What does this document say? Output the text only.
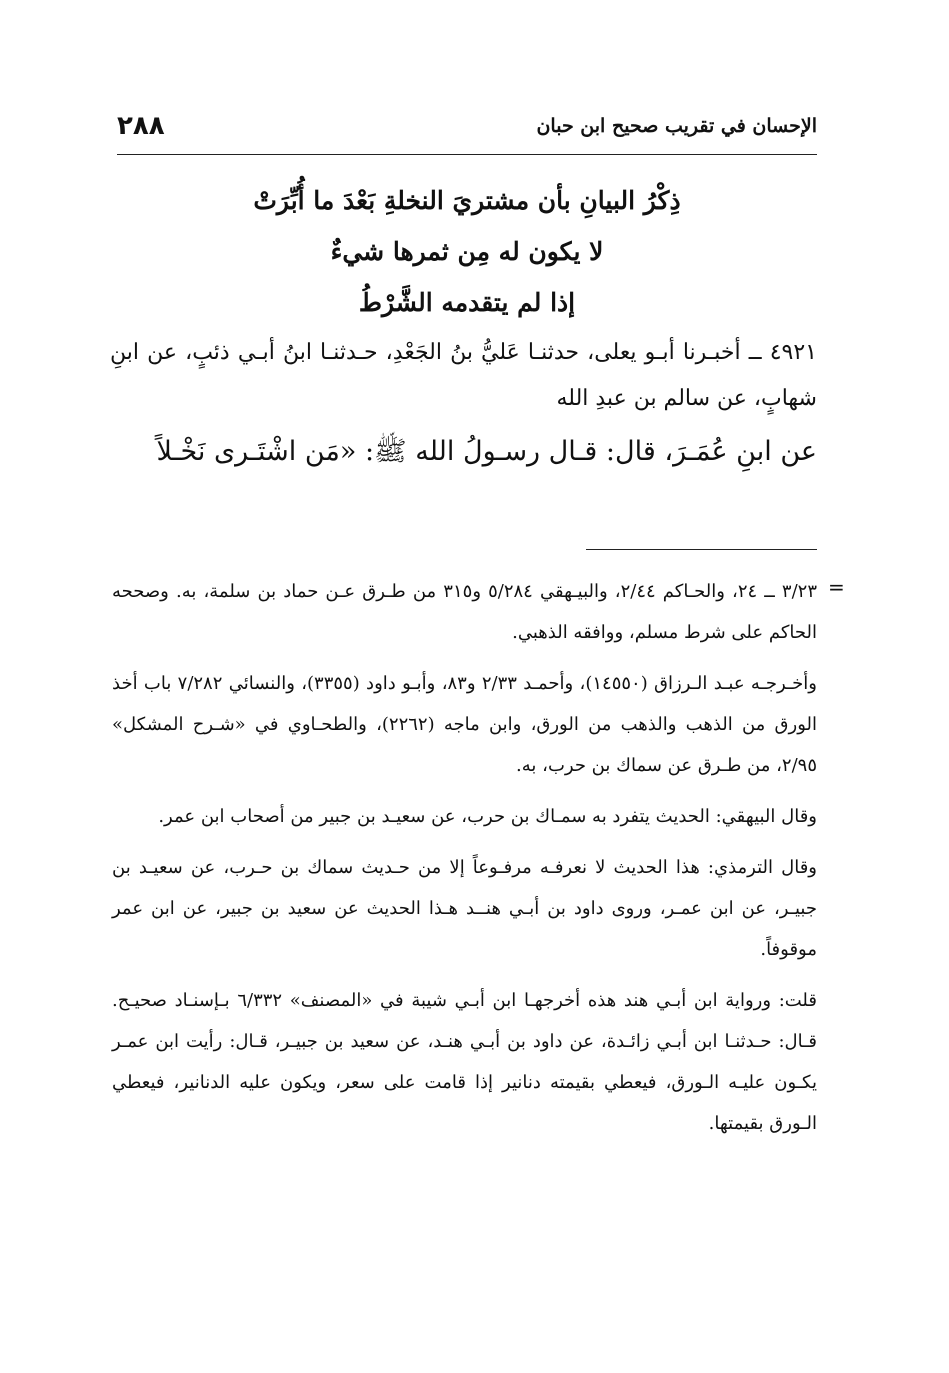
الإحسان في تقريب صحيح ابن حبان
٢٨٨
ذِكْرُ البيانِ بأن مشتريَ النخلةِ بَعْدَ ما أُبِّرَتْ
لا يكون له مِن ثمرها شيءٌ
إذا لم يتقدمه الشَّرْطُ
٤٩٢١ ــ أخبـرنا أبـو يعلى، حدثنـا عَليُّ بنُ الجَعْدِ، حـدثنـا ابنُ أبـي ذئبٍ، عن ابنِ شهابٍ، عن سالم بن عبدِ الله
عن ابنِ عُمَـرَ، قال: قـال رسـولُ الله ﷺ: «مَن اشْتَـرى نَخْـلاً
=

٣/٢٣ ــ ٢٤، والحـاكم ٢/٤٤، والبيـهقي ٥/٢٨٤ و٣١٥ من طـرق عـن حماد بن سلمة، به. وصححه الحاكم على شرط مسلم، ووافقه الذهبي.

وأخـرجـه عبـد الـرزاق (١٤٥٥٠)، وأحمـد ٢/٣٣ و٨٣، وأبـو داود (٣٣٥٥)، والنسائي ٧/٢٨٢ باب أخذ الورق من الذهب والذهب من الورق، وابن ماجه (٢٢٦٢)، والطحـاوي في «شـرح المشكل» ٢/٩٥، من طـرق عن سماك بن حرب، به.

وقال البيهقي: الحديث يتفرد به سمـاك بن حرب، عن سعيـد بن جبير من أصحاب ابن عمر.

وقال الترمذي: هذا الحديث لا نعرفـه مرفـوعاً إلا من حـديث سماك بن حـرب، عن سعيـد بن جبيـر، عن ابن عمـر، وروى داود بن أبـي هنــد هـذا الحديث عن سعيد بن جبير، عن ابن عمر موقوفاً.

قلت: ورواية ابن أبـي هند هذه أخرجهـا ابن أبـي شيبة في «المصنف» ٦/٣٣٢ بـإسنـاد صحيـح. قـال: حـدثنـا ابن أبـي زائـدة، عن داود بن أبـي هنـد، عن سعيد بن جبيـر، قـال: رأيت ابن عمـر يكـون عليـه الـورق، فيعطي بقيمته دنانير إذا قامت على سعر، ويكون عليه الدنانير، فيعطي الـورق بقيمتها.
